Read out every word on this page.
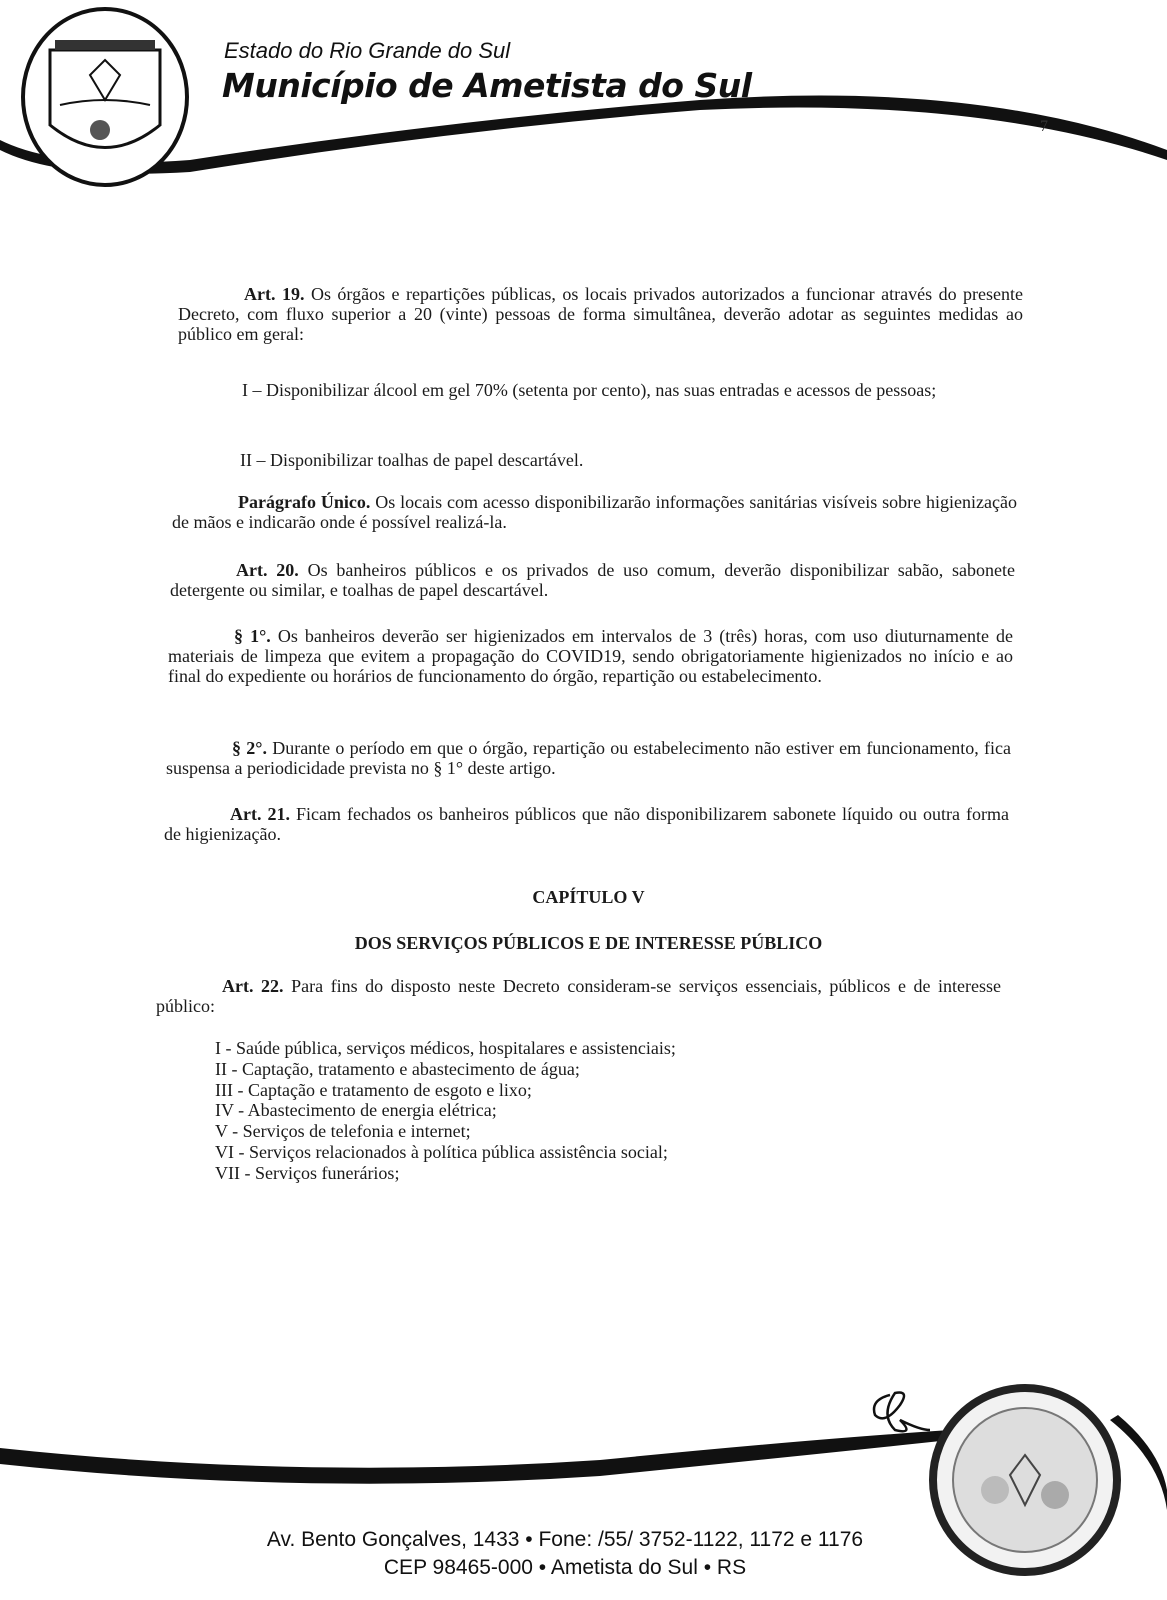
Estado do Rio Grande do Sul
Município de Ametista do Sul
7
Art. 19. Os órgãos e repartições públicas, os locais privados autorizados a funcionar através do presente Decreto, com fluxo superior a 20 (vinte) pessoas de forma simultânea, deverão adotar as seguintes medidas ao público em geral:
I – Disponibilizar álcool em gel 70% (setenta por cento), nas suas entradas e acessos de pessoas;
II – Disponibilizar toalhas de papel descartável.
Parágrafo Único. Os locais com acesso disponibilizarão informações sanitárias visíveis sobre higienização de mãos e indicarão onde é possível realizá-la.
Art. 20. Os banheiros públicos e os privados de uso comum, deverão disponibilizar sabão, sabonete detergente ou similar, e toalhas de papel descartável.
§ 1°. Os banheiros deverão ser higienizados em intervalos de 3 (três) horas, com uso diuturnamente de materiais de limpeza que evitem a propagação do COVID19, sendo obrigatoriamente higienizados no início e ao final do expediente ou horários de funcionamento do órgão, repartição ou estabelecimento.
§ 2°. Durante o período em que o órgão, repartição ou estabelecimento não estiver em funcionamento, fica suspensa a periodicidade prevista no § 1° deste artigo.
Art. 21. Ficam fechados os banheiros públicos que não disponibilizarem sabonete líquido ou outra forma de higienização.
CAPÍTULO V
DOS SERVIÇOS PÚBLICOS E DE INTERESSE PÚBLICO
Art. 22. Para fins do disposto neste Decreto consideram-se serviços essenciais, públicos e de interesse público:
I - Saúde pública, serviços médicos, hospitalares e assistenciais;
II - Captação, tratamento e abastecimento de água;
III - Captação e tratamento de esgoto e lixo;
IV - Abastecimento de energia elétrica;
V - Serviços de telefonia e internet;
VI - Serviços relacionados à política pública assistência social;
VII - Serviços funerários;
Av. Bento Gonçalves, 1433 • Fone: /55/ 3752-1122, 1172 e 1176
CEP 98465-000 • Ametista do Sul • RS
